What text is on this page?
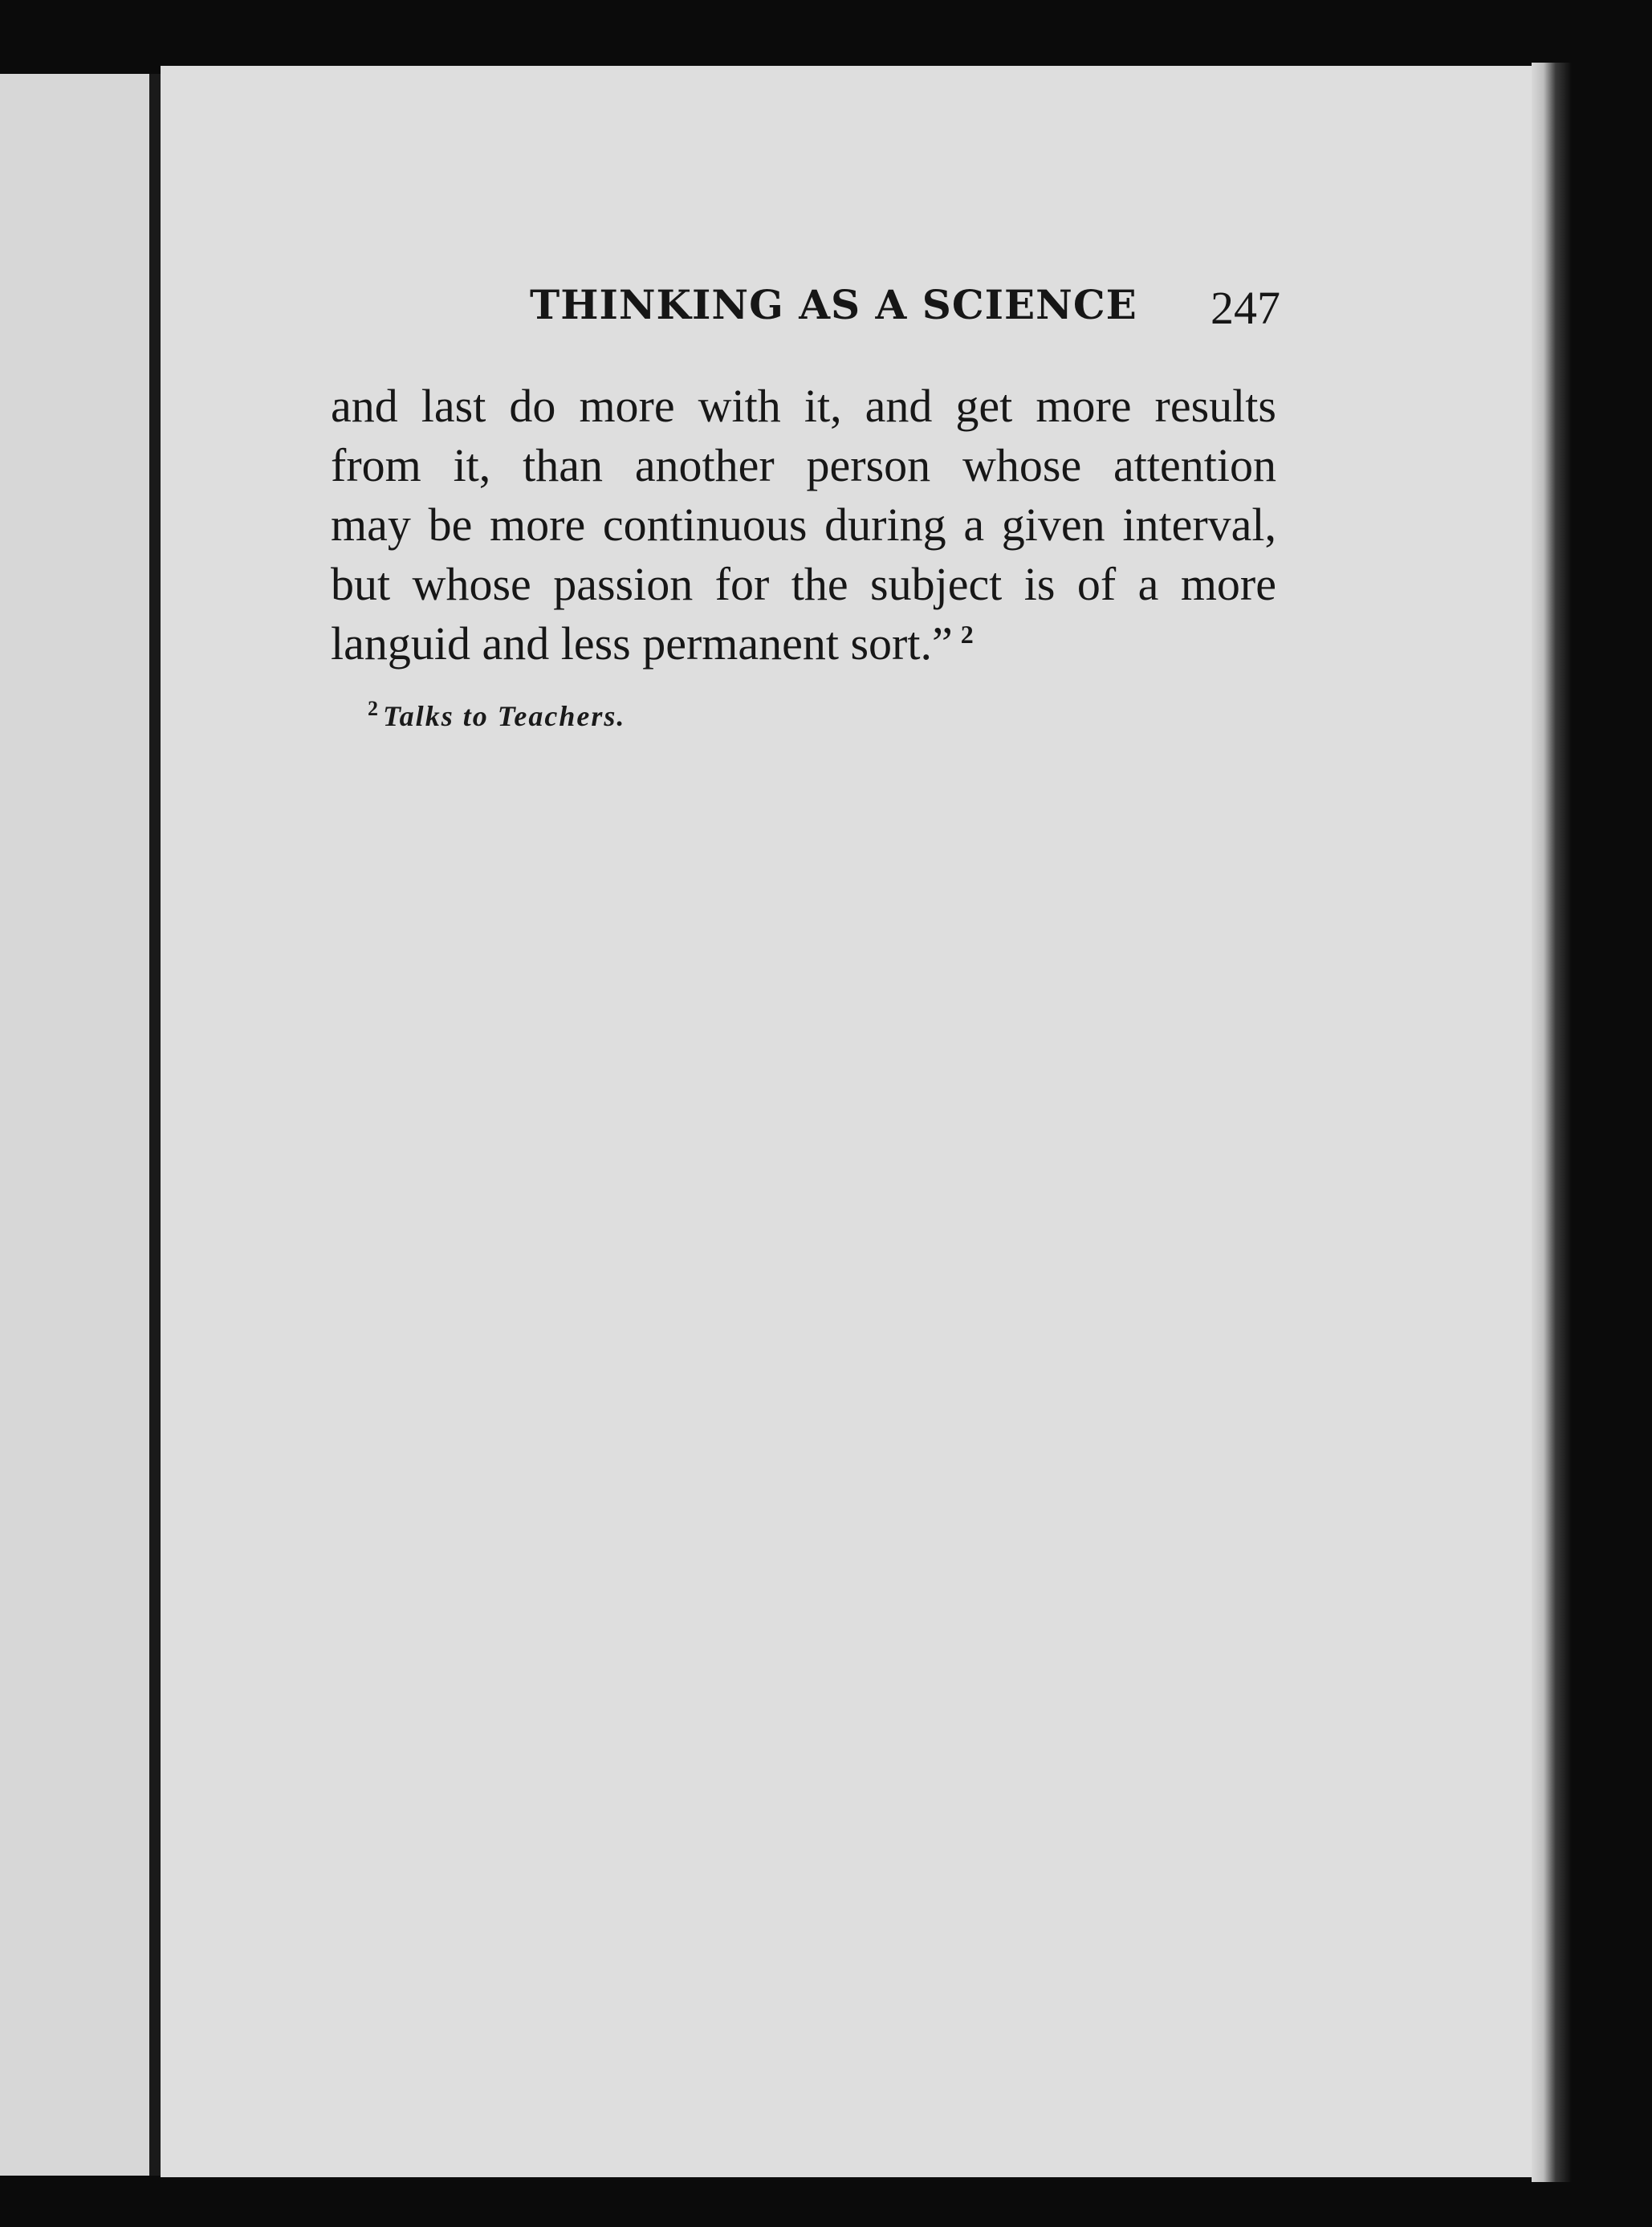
THINKING AS A SCIENCE 247
and last do more with it, and get more results
from it, than another person whose attention
may be more continuous during a given interval,
but whose passion for the subject is of a more
languid and less permanent sort.” $^2$
$^2$ Talks to Teachers.
